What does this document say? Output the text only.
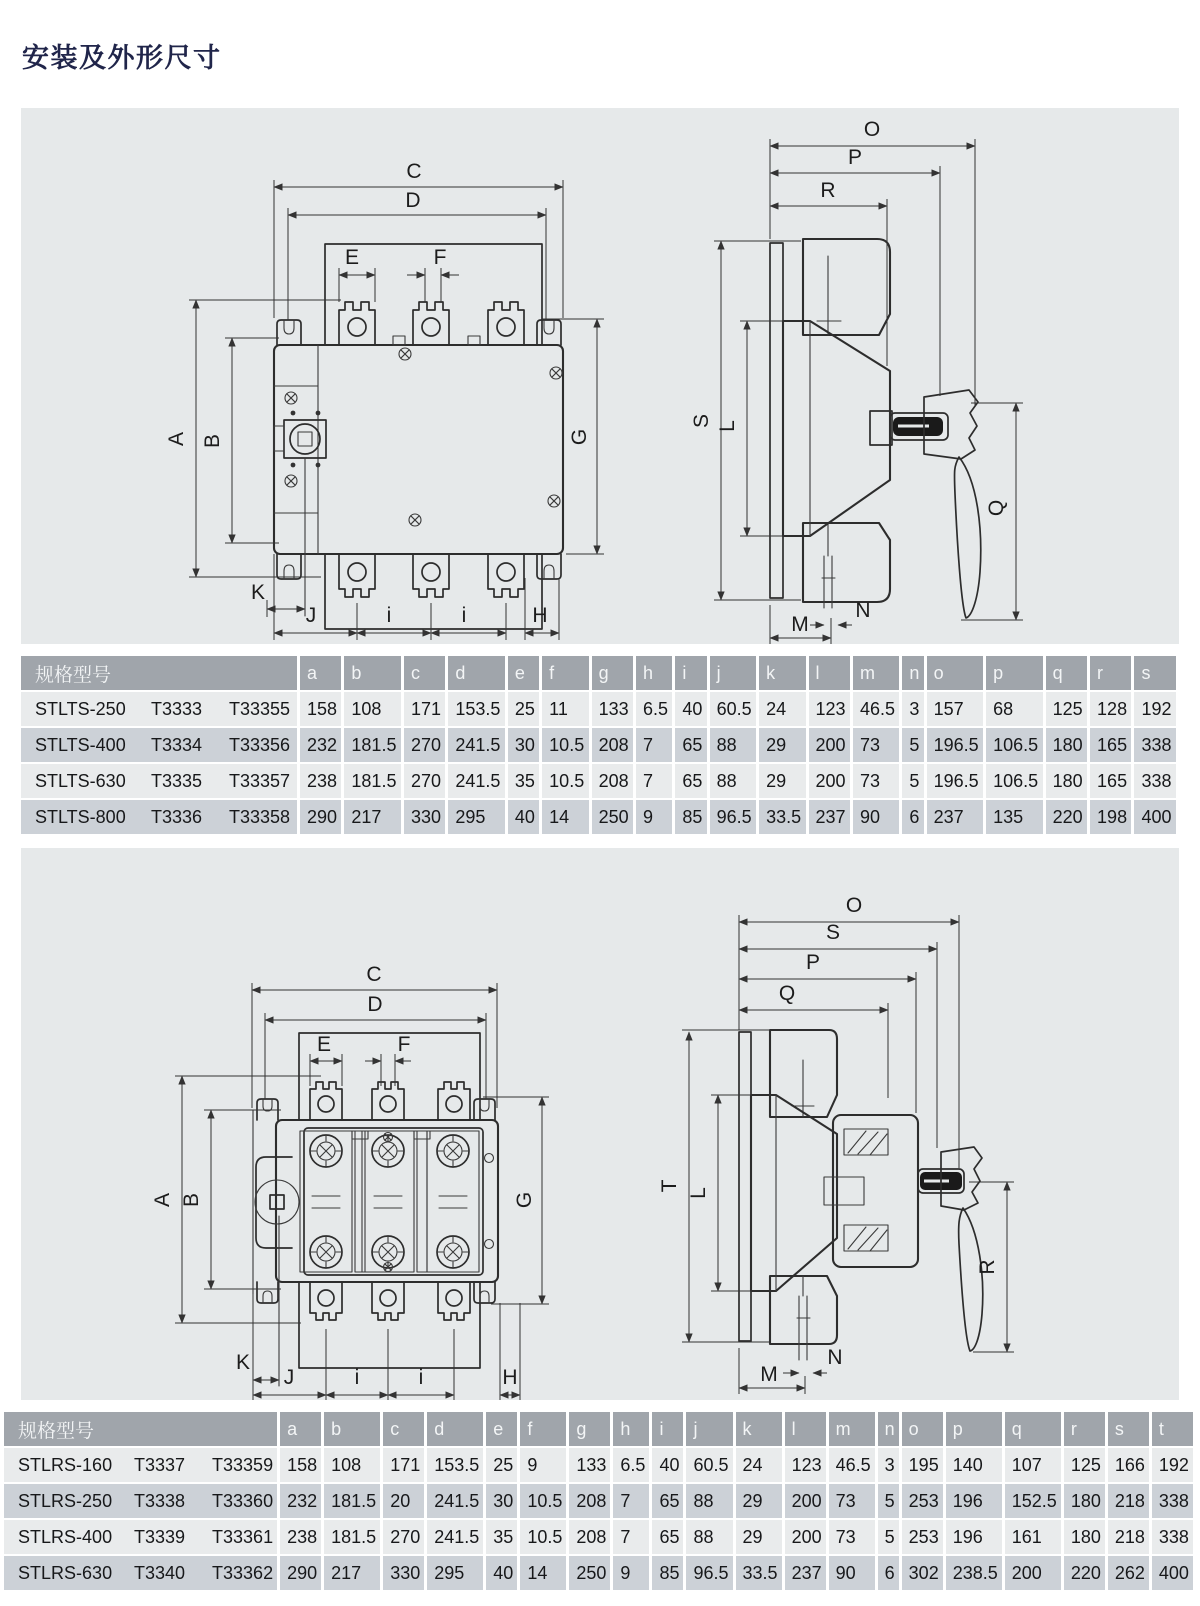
安装及外形尺寸
C
D
E	F
A B	G
K
J	i	i	H
O
P
R
S L
Q
N
M
规格型号	a	b	c	d	e	f	g	h	i	j	k	l	m	n	o	p	q	r	s
STLTS-250 T3333 T33355	158	108	171	153.5	25	11	133	6.5	40	60.5	24	123	46.5	3	157	68	125	128	192
STLTS-400 T3334 T33356	232	181.5	270	241.5	30	10.5	208	7	65	88	29	200	73	5	196.5	106.5	180	165	338
STLTS-630 T3335 T33357	238	181.5	270	241.5	35	10.5	208	7	65	88	29	200	73	5	196.5	106.5	180	165	338
STLTS-800 T3336 T33358	290	217	330	295	40	14	250	9	85	96.5	33.5	237	90	6	237	135	220	198	400
C
D
E	F
A B	G
K
J	i	i	H
O
S
P
Q
T
L
R
N
M
规格型号	a	b	c	d	e	f	g	h	i	j	k	l	m	n	o	p	q	r	s	t
STLRS-160 T3337 T33359	158	108	171	153.5	25	9	133	6.5	40	60.5	24	123	46.5	3	195	140	107	125	166	192
STLRS-250 T3338 T33360	232	181.5	20	241.5	30	10.5	208	7	65	88	29	200	73	5	253	196	152.5	180	218	338
STLRS-400 T3339 T33361	238	181.5	270	241.5	35	10.5	208	7	65	88	29	200	73	5	253	196	161	180	218	338
STLRS-630 T3340 T33362	290	217	330	295	40	14	250	9	85	96.5	33.5	237	90	6	302	238.5	200	220	262	400
